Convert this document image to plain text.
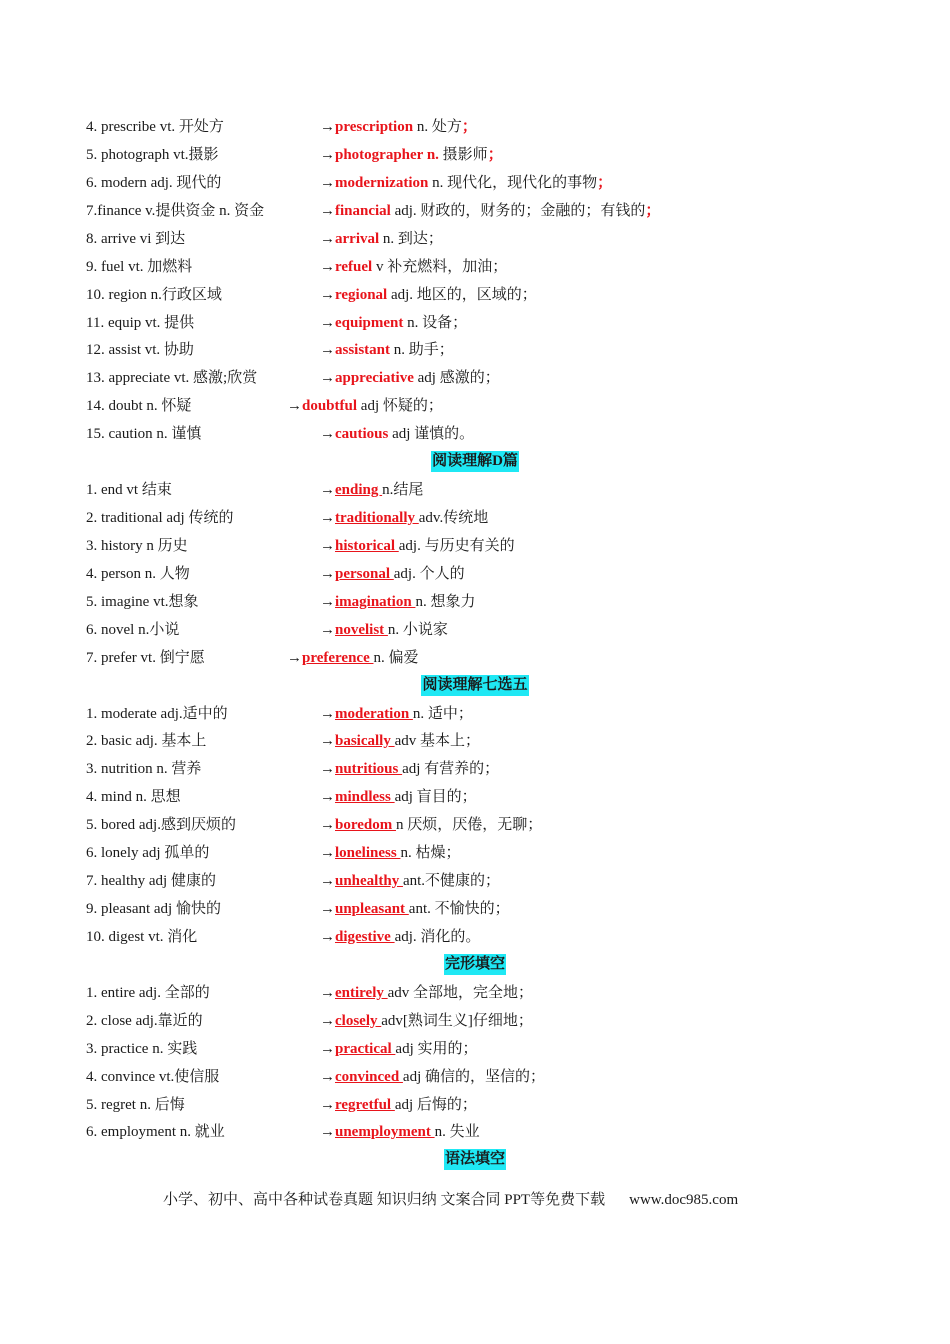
4. prescribe vt. 开处方	→prescription n. 处方；
5. photograph vt.摄影	→photographer n. 摄影师；
6. modern adj. 现代的	→modernization n. 现代化，现代化的事物；
7.finance v.提供资金 n. 资金	→financial adj. 财政的，财务的；金融的；有钱的；
8. arrive vi 到达	→arrival n. 到达；
9. fuel vt. 加燃料	→refuel v 补充燃料，加油；
10. region n.行政区域	→regional adj. 地区的，区域的；
11. equip vt. 提供	→equipment n. 设备；
12. assist vt. 协助	→assistant n. 助手；
13. appreciate vt. 感激;欣赏	→appreciative adj 感激的；
14. doubt n. 怀疑	→doubtful adj 怀疑的；
15. caution n. 谨慎	→cautious adj 谨慎的。
阅读理解D篇
1. end vt 结束	→ending n.结尾
2. traditional adj 传统的	→traditionally adv.传统地
3. history n 历史	→historical adj. 与历史有关的
4. person n. 人物	→personal adj. 个人的
5. imagine vt.想象	→imagination n. 想象力
6. novel n.小说	→novelist n. 小说家
7. prefer vt. 倒宁愿	→preference n. 偏爱
阅读理解七选五
1. moderate adj.适中的	→moderation n. 适中；
2. basic adj. 基本上	→basically adv 基本上；
3. nutrition n. 营养	→nutritious adj 有营养的；
4. mind n. 思想	→mindless adj 盲目的；
5. bored adj.感到厌烦的	→boredom n 厌烦，厌倦，无聊；
6. lonely adj 孤单的	→loneliness n. 枯燥；
7. healthy adj 健康的	→unhealthy ant.不健康的；
9. pleasant adj 愉快的	→unpleasant ant. 不愉快的；
10. digest vt. 消化	→digestive adj. 消化的。
完形填空
1. entire adj. 全部的	→entirely adv 全部地，完全地；
2. close adj.靠近的	→closely adv[熟词生义]仔细地；
3. practice n. 实践	→practical adj 实用的；
4. convince vt.使信服	→convinced adj 确信的，坚信的；
5. regret n. 后悔	→regretful adj 后悔的；
6. employment n. 就业	→unemployment n. 失业
语法填空
小学、初中、高中各种试卷真题 知识归纳 文案合同 PPT等免费下载 www.doc985.com
